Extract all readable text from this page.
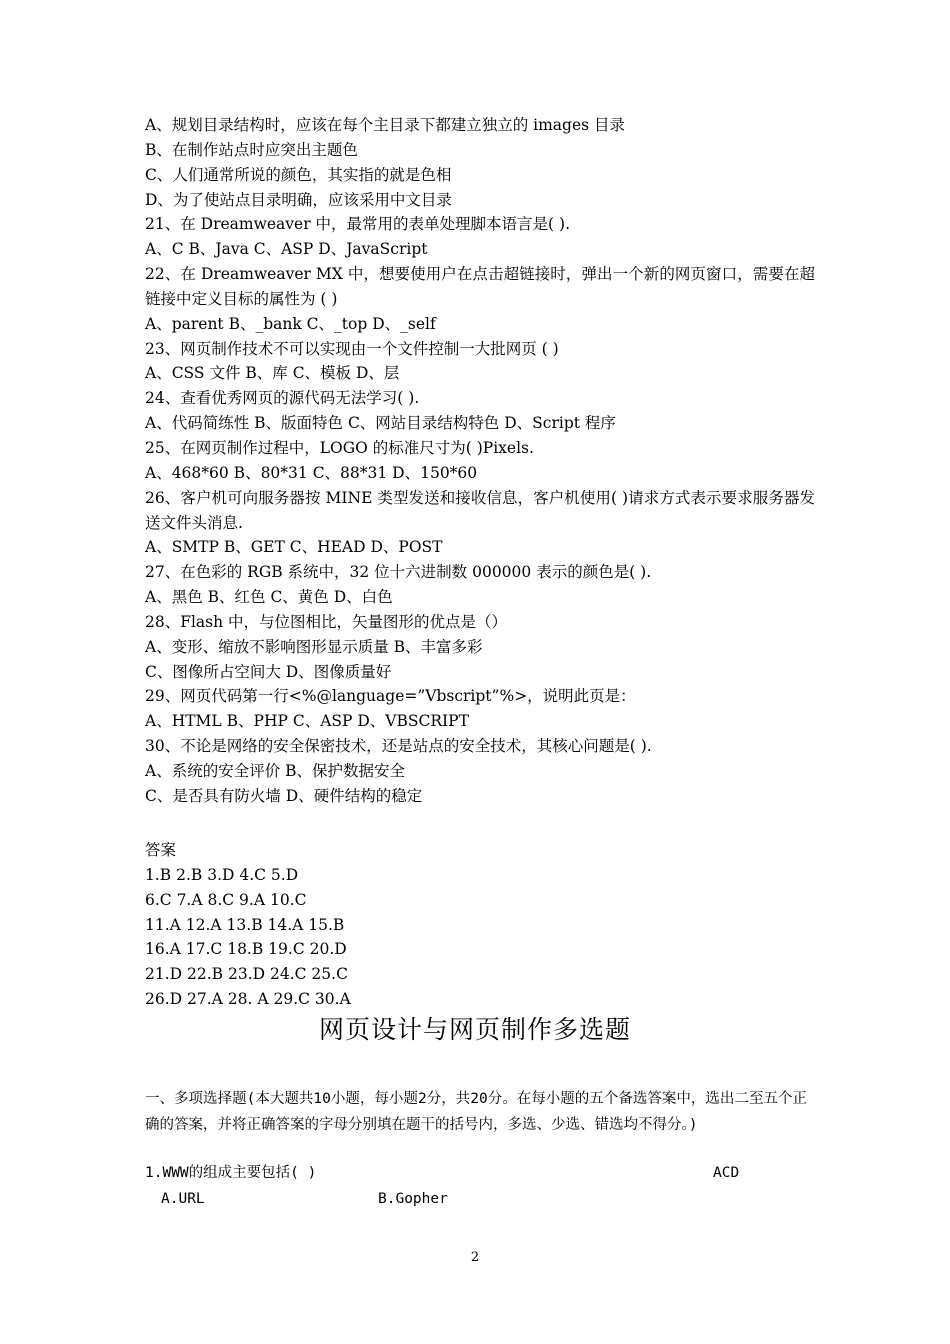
A、规划目录结构时，应该在每个主目录下都建立独立的 images 目录
B、在制作站点时应突出主题色
C、人们通常所说的颜色，其实指的就是色相
D、为了使站点目录明确，应该采用中文目录
21、在 Dreamweaver 中，最常用的表单处理脚本语言是( ).
A、C B、Java C、ASP D、JavaScript
22、在 Dreamweaver MX 中，想要使用户在点击超链接时，弹出一个新的网页窗口，需要在超链接中定义目标的属性为 ( )
A、parent B、_bank C、_top D、_self
23、网页制作技术不可以实现由一个文件控制一大批网页 ( )
A、CSS 文件 B、库 C、模板 D、层
24、查看优秀网页的源代码无法学习( ).
A、代码简练性 B、版面特色 C、网站目录结构特色 D、Script 程序
25、在网页制作过程中，LOGO 的标准尺寸为( )Pixels.
A、468*60 B、80*31 C、88*31 D、150*60
26、客户机可向服务器按 MINE 类型发送和接收信息，客户机使用( )请求方式表示要求服务器发送文件头消息.
A、SMTP B、GET C、HEAD D、POST
27、在色彩的 RGB 系统中，32 位十六进制数 000000 表示的颜色是( ).
A、黑色 B、红色 C、黄色 D、白色
28、Flash 中，与位图相比，矢量图形的优点是（）
A、变形、缩放不影响图形显示质量 B、丰富多彩
C、图像所占空间大 D、图像质量好
29、网页代码第一行<%@language=”Vbscript”%>，说明此页是：
A、HTML B、PHP C、ASP D、VBSCRIPT
30、不论是网络的安全保密技术，还是站点的安全技术，其核心问题是( ).
A、系统的安全评价 B、保护数据安全
C、是否具有防火墙 D、硬件结构的稳定
答案
1.B 2.B 3.D 4.C 5.D
6.C 7.A 8.C 9.A 10.C
11.A 12.A 13.B 14.A 15.B
16.A 17.C 18.B 19.C 20.D
21.D 22.B 23.D 24.C 25.C
26.D 27.A 28. A 29.C 30.A
网页设计与网页制作多选题
一、多项选择题(本大题共10小题，每小题2分，共20分。在每小题的五个备选答案中，选出二至五个正确的答案，并将正确答案的字母分别填在题干的括号内，多选、少选、错选均不得分。)
1.WWW的组成主要包括( )	ACD
A.URL	B.Gopher
2
